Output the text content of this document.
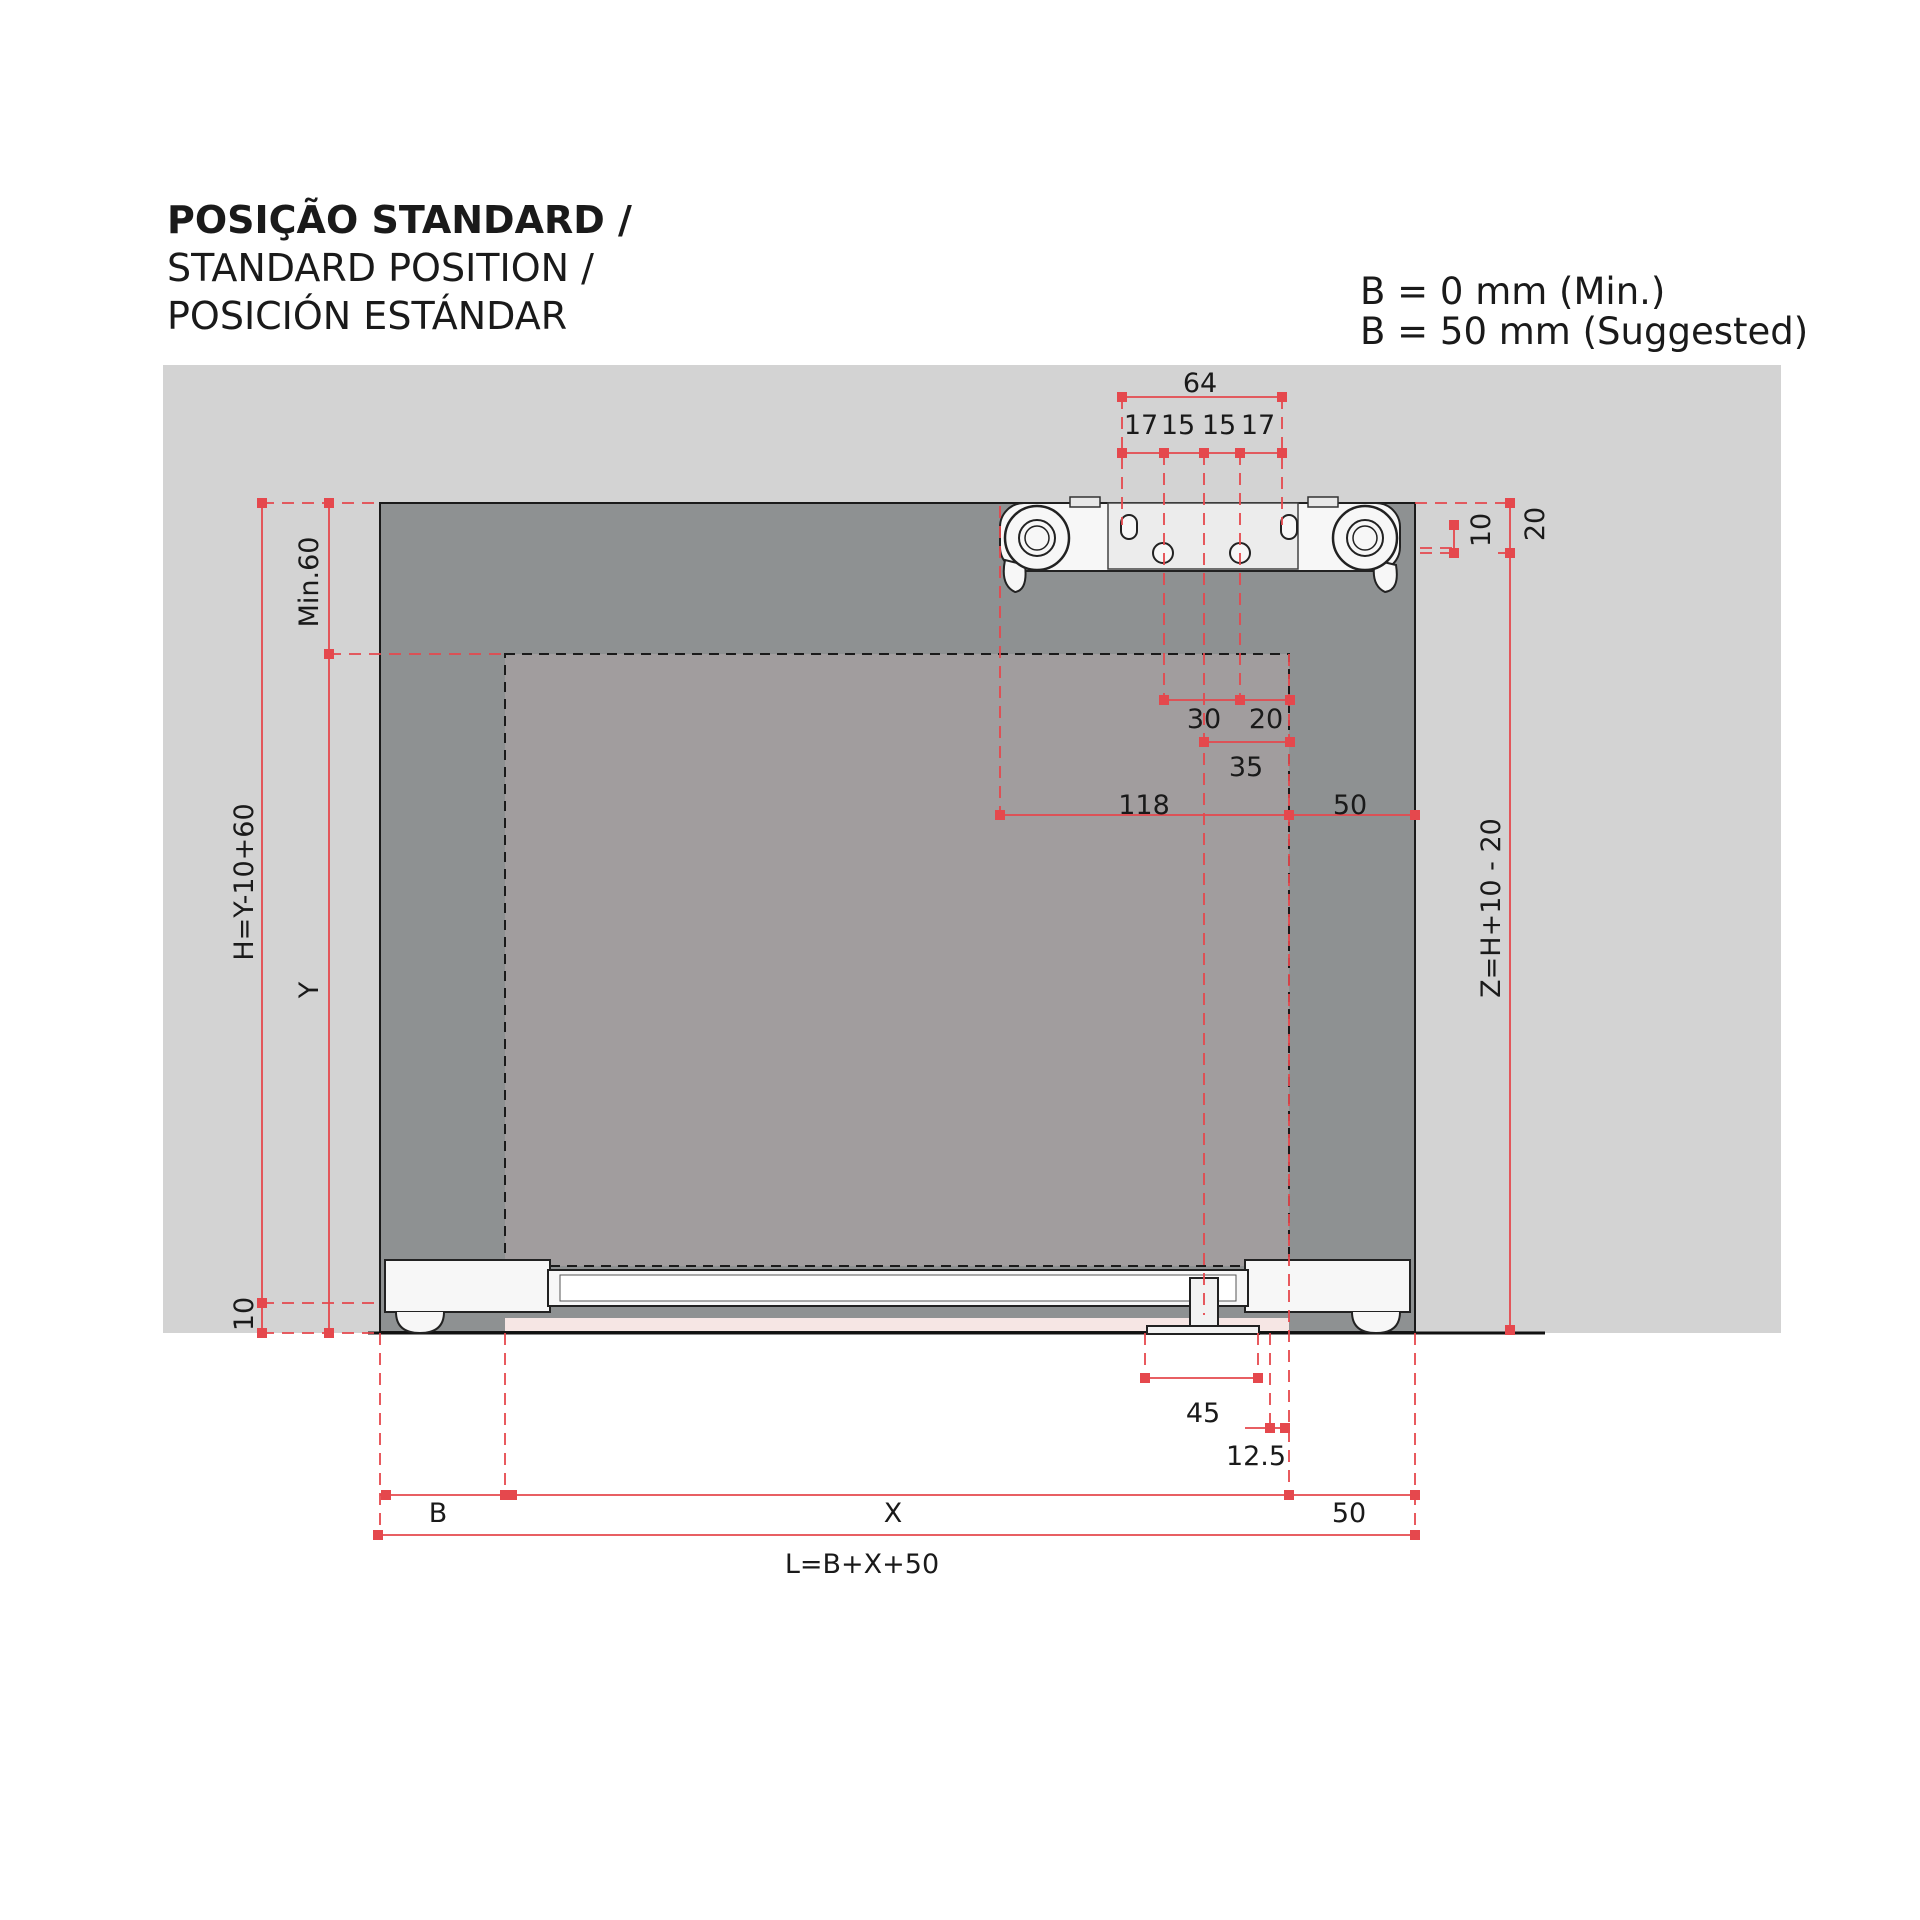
POSIÇÃO STANDARD /

STANDARD POSITION /

POSICIÓN ESTÁNDAR

B = 0 mm (Min.)

B = 50 mm (Suggested)

64
17 15 15 17
10 20
30 20
35
118	50
Min.60
H=Y-10+60
Y	Z=H+10 - 20
10
45
12.5
B	X	50
L=B+X+50
